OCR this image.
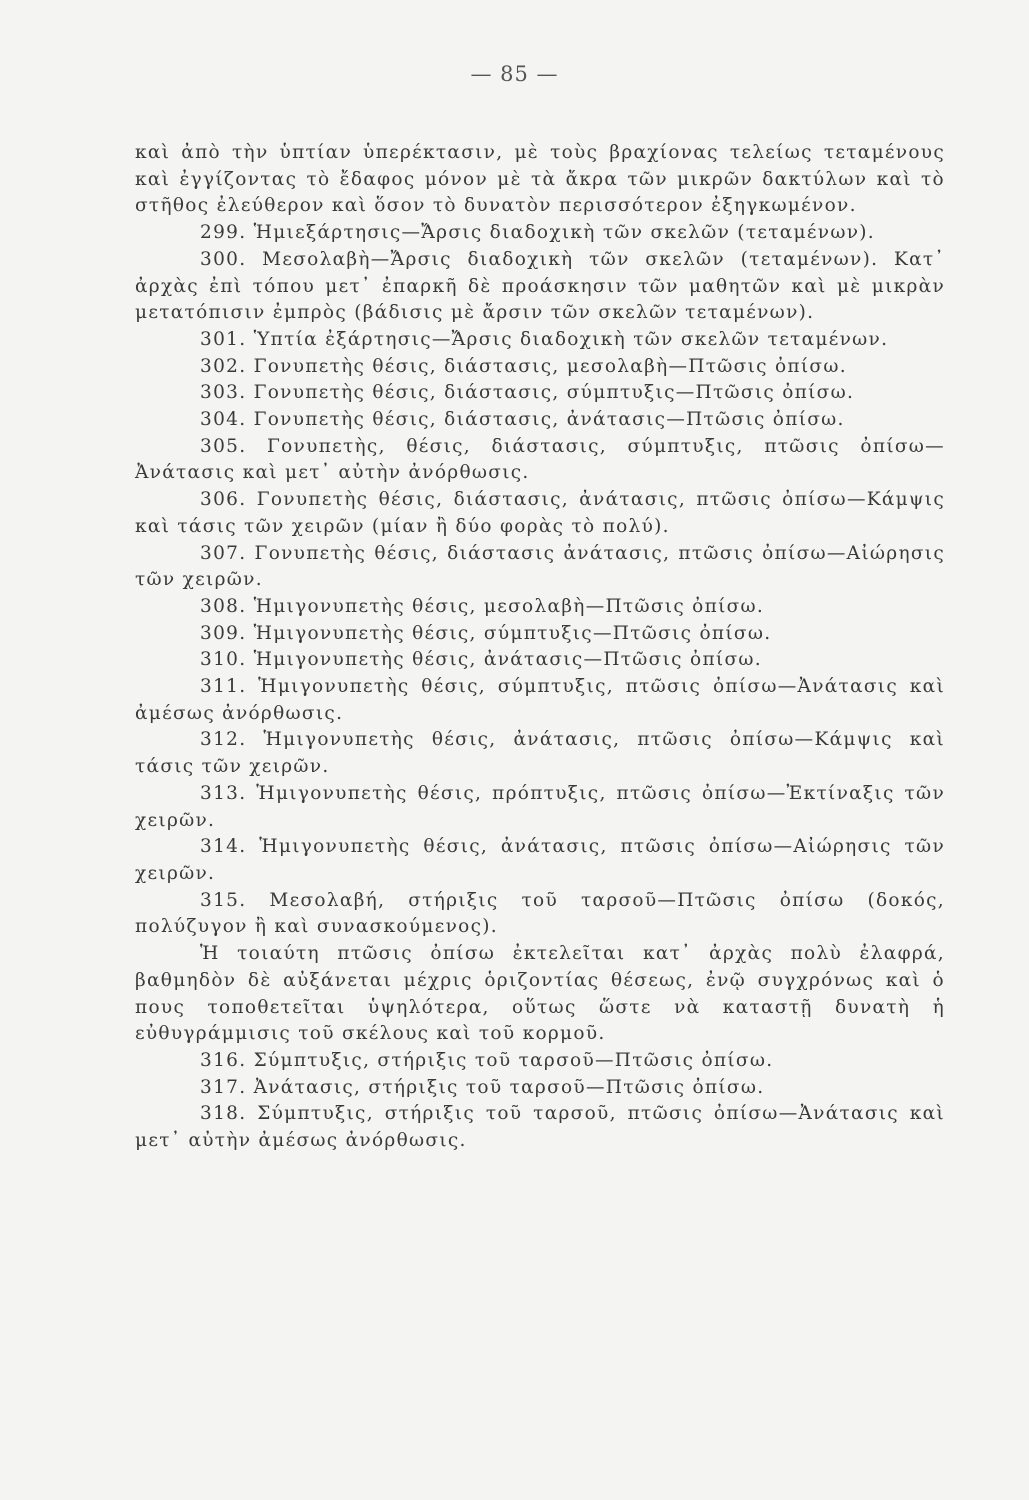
— 85 —

καὶ ἀπὸ τὴν ὑπτίαν ὑπερέκτασιν, μὲ τοὺς βραχίονας τελείως τεταμένους καὶ ἐγγίζοντας τὸ ἔδαφος μόνον μὲ τὰ ἄκρα τῶν μικρῶν δακτύλων καὶ τὸ στῆθος ἐλεύθερον καὶ ὅσον τὸ δυνατὸν περισσότερον ἐξηγκωμένον.

299. Ἡμιεξάρτησις—Ἄρσις διαδοχικὴ τῶν σκελῶν (τεταμένων).

300. Μεσολαβὴ—Ἄρσις διαδοχικὴ τῶν σκελῶν (τεταμένων). Κατ᾽ ἀρχὰς ἐπὶ τόπου μετ᾽ ἐπαρκῆ δὲ προάσκησιν τῶν μαθητῶν καὶ μὲ μικρὰν μετατόπισιν ἐμπρὸς (βάδισις μὲ ἄρσιν τῶν σκελῶν τεταμένων).

301. Ὑπτία ἐξάρτησις—Ἄρσις διαδοχικὴ τῶν σκελῶν τεταμένων.

302. Γονυπετὴς θέσις, διάστασις, μεσολαβὴ—Πτῶσις ὀπίσω.

303. Γονυπετὴς θέσις, διάστασις, σύμπτυξις—Πτῶσις ὀπίσω.

304. Γονυπετὴς θέσις, διάστασις, ἀνάτασις—Πτῶσις ὀπίσω.

305. Γονυπετὴς, θέσις, διάστασις, σύμπτυξις, πτῶσις ὀπίσω—Ἀνάτασις καὶ μετ᾽ αὐτὴν ἀνόρθωσις.

306. Γονυπετὴς θέσις, διάστασις, ἀνάτασις, πτῶσις ὀπίσω—Κάμψις καὶ τάσις τῶν χειρῶν (μίαν ἢ δύο φορὰς τὸ πολύ).

307. Γονυπετὴς θέσις, διάστασις ἀνάτασις, πτῶσις ὀπίσω—Αἰώρησις τῶν χειρῶν.

308. Ἡμιγονυπετὴς θέσις, μεσολαβὴ—Πτῶσις ὀπίσω.

309. Ἡμιγονυπετὴς θέσις, σύμπτυξις—Πτῶσις ὀπίσω.

310. Ἡμιγονυπετὴς θέσις, ἀνάτασις—Πτῶσις ὀπίσω.

311. Ἡμιγονυπετὴς θέσις, σύμπτυξις, πτῶσις ὀπίσω—Ἀνάτασις καὶ ἀμέσως ἀνόρθωσις.

312. Ἡμιγονυπετὴς θέσις, ἀνάτασις, πτῶσις ὀπίσω—Κάμψις καὶ τάσις τῶν χειρῶν.

313. Ἡμιγονυπετὴς θέσις, πρόπτυξις, πτῶσις ὀπίσω—Ἐκτίναξις τῶν χειρῶν.

314. Ἡμιγονυπετὴς θέσις, ἀνάτασις, πτῶσις ὀπίσω—Αἰώρησις τῶν χειρῶν.

315. Μεσολαβή, στήριξις τοῦ ταρσοῦ—Πτῶσις ὀπίσω (δοκός, πολύζυγον ἢ καὶ συνασκούμενος).

Ἡ τοιαύτη πτῶσις ὀπίσω ἐκτελεῖται κατ᾽ ἀρχὰς πολὺ ἐλαφρά, βαθμηδὸν δὲ αὐξάνεται μέχρις ὁριζοντίας θέσεως, ἐνῷ συγχρόνως καὶ ὁ πους τοποθετεῖται ὑψηλότερα, οὕτως ὥστε νὰ καταστῇ δυνατὴ ἡ εὐθυγράμμισις τοῦ σκέλους καὶ τοῦ κορμοῦ.

316. Σύμπτυξις, στήριξις τοῦ ταρσοῦ—Πτῶσις ὀπίσω.

317. Ἀνάτασις, στήριξις τοῦ ταρσοῦ—Πτῶσις ὀπίσω.

318. Σύμπτυξις, στήριξις τοῦ ταρσοῦ, πτῶσις ὀπίσω—Ἀνάτασις καὶ μετ᾽ αὐτὴν ἀμέσως ἀνόρθωσις.
